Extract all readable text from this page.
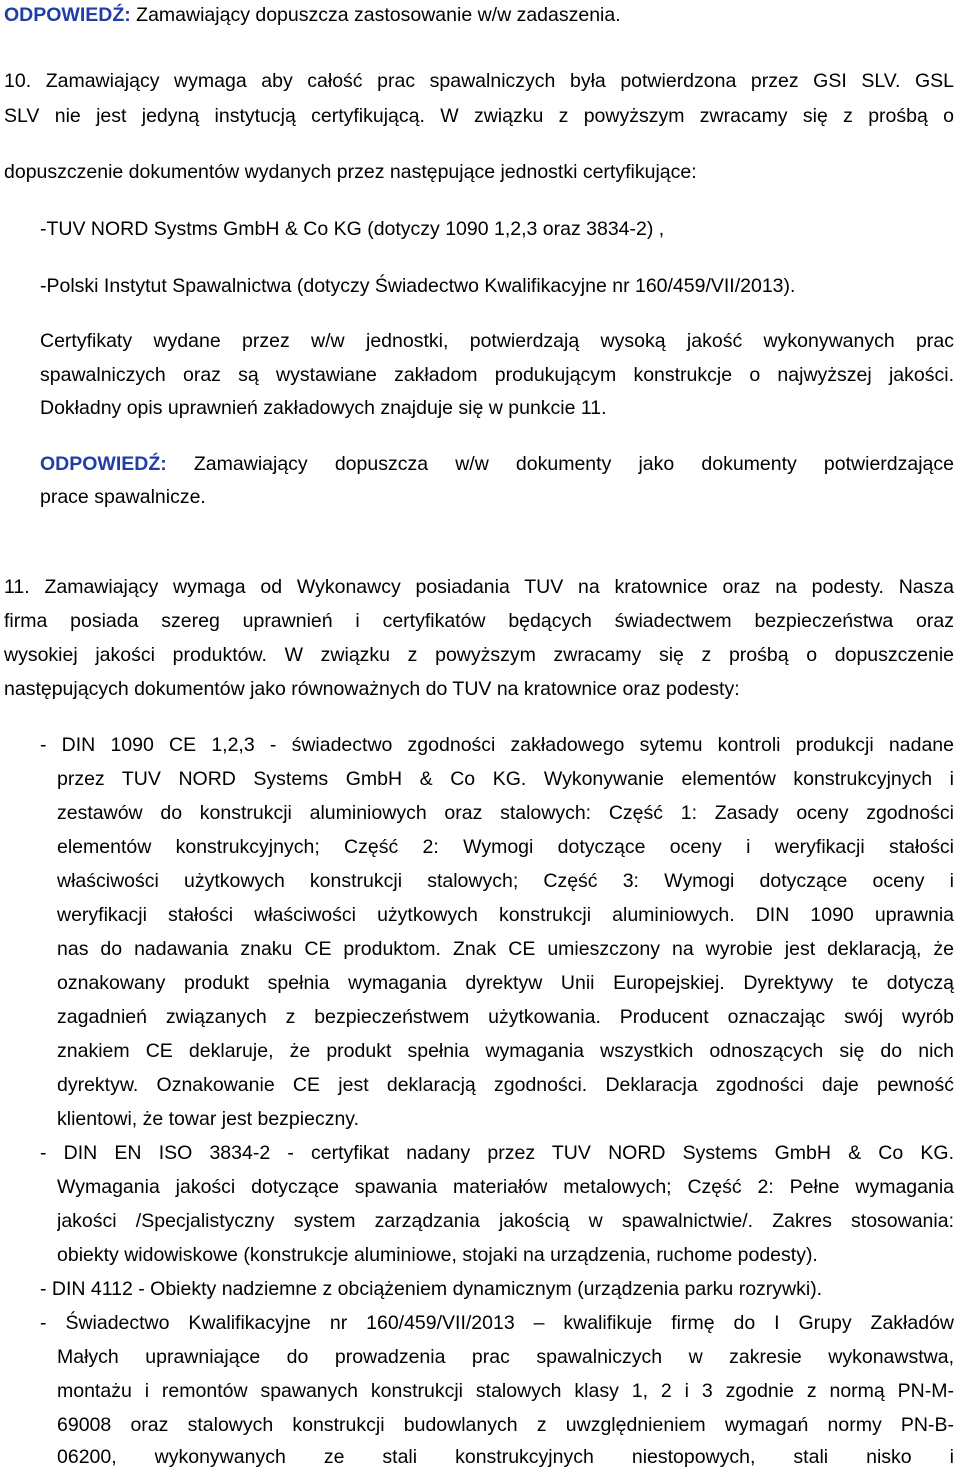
ODPOWIEDŹ: Zamawiający dopuszcza zastosowanie w/w zadaszenia.
10. Zamawiający wymaga aby całość prac spawalniczych była potwierdzona przez GSI SLV. GSL
SLV nie jest jedyną instytucją certyfikującą. W związku z powyższym zwracamy się z prośbą o
dopuszczenie dokumentów wydanych przez następujące jednostki certyfikujące:
-TUV NORD Systms GmbH & Co KG (dotyczy 1090 1,2,3 oraz 3834-2) ,
-Polski Instytut Spawalnictwa (dotyczy Świadectwo Kwalifikacyjne nr 160/459/VII/2013).
Certyfikaty wydane przez w/w jednostki, potwierdzają wysoką jakość wykonywanych prac
spawalniczych oraz są wystawiane zakładom produkującym konstrukcje o najwyższej jakości.
Dokładny opis uprawnień zakładowych znajduje się w punkcie 11.
ODPOWIEDŹ: Zamawiający dopuszcza w/w dokumenty jako dokumenty potwierdzające
prace spawalnicze.
11. Zamawiający wymaga od Wykonawcy posiadania TUV na kratownice oraz na podesty. Nasza
firma posiada szereg uprawnień i certyfikatów będących świadectwem bezpieczeństwa oraz
wysokiej jakości produktów. W związku z powyższym zwracamy się z prośbą o dopuszczenie
następujących dokumentów jako równoważnych do TUV na kratownice oraz podesty:
- DIN 1090 CE 1,2,3 - świadectwo zgodności zakładowego sytemu kontroli produkcji nadane
przez TUV NORD Systems GmbH & Co KG. Wykonywanie elementów konstrukcyjnych i
zestawów do konstrukcji aluminiowych oraz stalowych: Część 1: Zasady oceny zgodności
elementów konstrukcyjnych; Część 2: Wymogi dotyczące oceny i weryfikacji stałości
właściwości użytkowych konstrukcji stalowych; Część 3: Wymogi dotyczące oceny i
weryfikacji stałości właściwości użytkowych konstrukcji aluminiowych. DIN 1090 uprawnia
nas do nadawania znaku CE produktom. Znak CE umieszczony na wyrobie jest deklaracją, że
oznakowany produkt spełnia wymagania dyrektyw Unii Europejskiej. Dyrektywy te dotyczą
zagadnień związanych z bezpieczeństwem użytkowania. Producent oznaczając swój wyrób
znakiem CE deklaruje, że produkt spełnia wymagania wszystkich odnoszących się do nich
dyrektyw. Oznakowanie CE jest deklaracją zgodności. Deklaracja zgodności daje pewność
klientowi, że towar jest bezpieczny.
- DIN EN ISO 3834-2 - certyfikat nadany przez TUV NORD Systems GmbH & Co KG.
Wymagania jakości dotyczące spawania materiałów metalowych; Część 2: Pełne wymagania
jakości /Specjalistyczny system zarządzania jakością w spawalnictwie/. Zakres stosowania:
obiekty widowiskowe (konstrukcje aluminiowe, stojaki na urządzenia, ruchome podesty).
- DIN 4112 - Obiekty nadziemne z obciążeniem dynamicznym (urządzenia parku rozrywki).
- Świadectwo Kwalifikacyjne nr 160/459/VII/2013 – kwalifikuje firmę do I Grupy Zakładów
Małych uprawniające do prowadzenia prac spawalniczych w zakresie wykonawstwa,
montażu i remontów spawanych konstrukcji stalowych klasy 1, 2 i 3 zgodnie z normą PN-M-
69008 oraz stalowych konstrukcji budowlanych z uwzględnieniem wymagań normy PN-B-
06200, wykonywanych ze stali konstrukcyjnych niestopowych, stali nisko i
